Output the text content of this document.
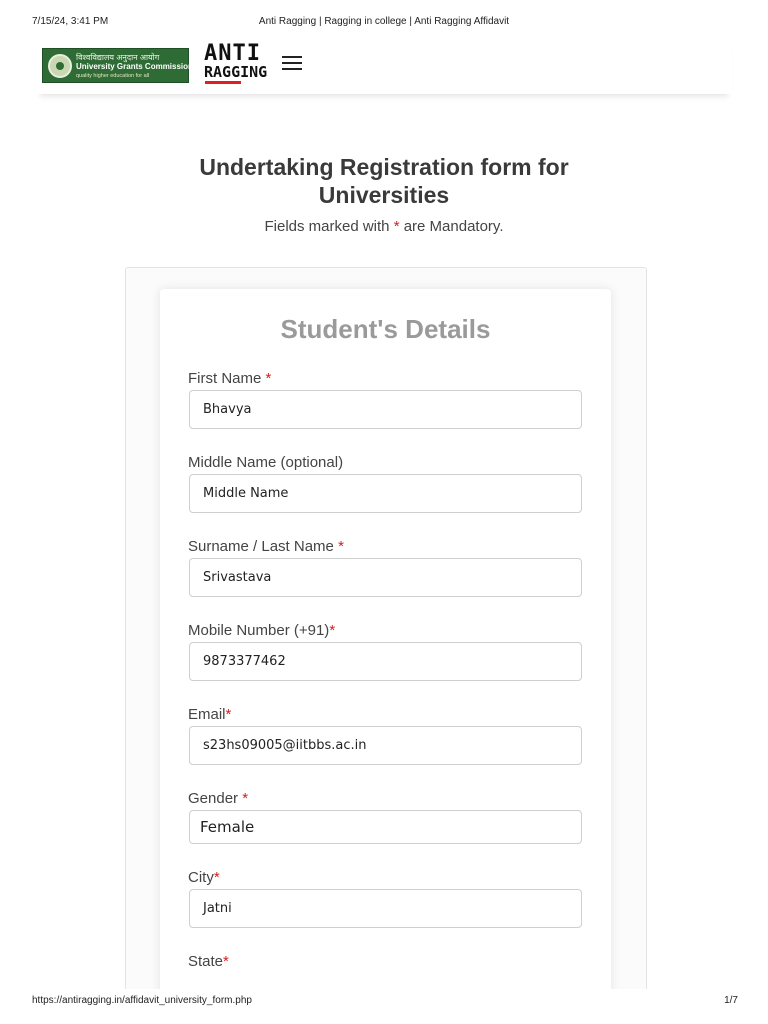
7/15/24, 3:41 PM	Anti Ragging | Ragging in college | Anti Ragging Affidavit
विश्वविद्यालय अनुदान आयोग
University Grants Commission
quality higher education for all
ANTI
RAGGING
Undertaking Registration form for Universities

Fields marked with * are Mandatory.

Student's Details
First Name *
Bhavya
Middle Name (optional)
Middle Name
Surname / Last Name *
Srivastava
Mobile Number (+91)*
9873377462
Email*
s23hs09005@iitbbs.ac.in
Gender *
Female
City*
Jatni
State*
https://antiragging.in/affidavit_university_form.php	1/7
